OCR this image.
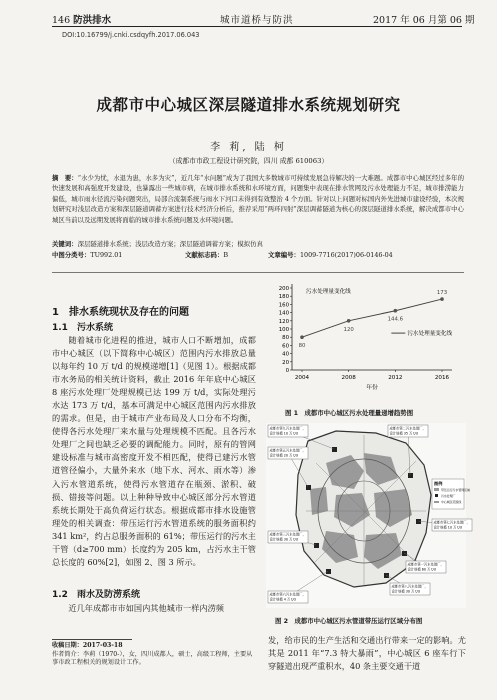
146 防洪排水	城市道桥与防洪	2017 年 06 月第 06 期
DOI:10.16799/j.cnki.csdqyfh.2017.06.043
成都市中心城区深层隧道排水系统规划研究
李 莉, 陆 柯
（成都市市政工程设计研究院，四川 成都 610063）
摘　要：“水少为忧，水退为患，水多为灾”，近几年“水问题”成为了我国大多数城市可持续发展急待解决的一大难题。成都市中心城区经过多年的快速发展和高强度开发建设，也暴露出一些城市病，在城市排水系统和水环境方面，问题集中表现在排水管网及污水处理能力不足，城市排涝能力偏低，城市雨水径流污染问题突出，局部合流制系统与雨水下河口未得到有效整治 4 个方面。针对以上问题对标国内外先进城市建设经验，本次规划研究对浅层改造方案和深层隧道调蓄方案进行技术经济分析后，推荐采用“两环四射”深层调蓄隧道为核心的深层隧道排水系统，解决成都市中心城区当前以及远期发展将面临的城市排水系统问题及水环境问题。
关键词：深层隧道排水系统；浅层改造方案；深层隧道调蓄方案；模拟仿真
中图分类号：TU992.01	文献标志码：B	文章编号：1009-7716(2017)06-0146-04
1　排水系统现状及存在的问题
1.1　污水系统

随着城市化进程的推进，城市人口不断增加，成都市中心城区（以下简称中心城区）范围内污水排放总量以每年约 10 万 t/d 的规模递增[1]（见图 1）。根据成都市水务局的相关统计资料，截止 2016 年年底中心城区 8 座污水处理厂处理规模已达 199 万 t/d，实际处理污水达 173 万 t/d，基本可满足中心城区范围内污水排放的需求。但是，由于城市产业布局及人口分布不均衡，使得各污水处理厂来水量与处理规模不匹配。且各污水处理厂之间也缺乏必要的调配能力。同时，原有的管网建设标准与城市高密度开发不相匹配，使得已建污水管道管径偏小，大量外来水（地下水、河水、雨水等）渗入污水管道系统，使得污水管道存在瓶颈、淤积、破损、错接等问题。以上种种导致中心城区部分污水管道系统长期处于高负荷运行状态。根据成都市排水设施管理处的相关调查：带压运行污水管道系统的服务面积约 341 km²，约占总服务面积的 61%；带压运行的污水主干管（d≥700 mm）长度约为 205 km，占污水主干管总长度的 60%[2]，如图 2、图 3 所示。

1.2　雨水及防涝系统

近几年成都市市如国内其他城市一样内涝频

收稿日期：2017-03-18
作者简介：李莉（1970-），女，四川成都人，硕士，高级工程师，主要从事市政工程相关的规划设计工作。
200
180
160
140
120
100
80
60
40
20
0
2004	2008	2012	2016
年份
80
120
144.6
173
污水处理量变化线
污水处理量变化线
图 1　成都市中心城区污水处理量递增趋势图
成都市第九污水处理厂，
设计规模 10 万 t/d
成都市第五污水处理厂，
设计规模 20 万 t/d
成都市第二污水处理厂，
设计规模 35 万 t/d
成都市第七污水处理厂，
设计规模 10 万 t/d
成都市第三污水处理厂，
设计规模 30 万 t/d
成都市第八污水处理厂，
设计规模 30 万 t/d
成都市第一污水处理厂，
设计规模 60 万 t/d
成都市第六污水处理厂，
设计规模 4 万 t/d
图例
带压运行污水管网区域
污水处理厂
中心城区范围线
图 2　成都市中心城区污水管道带压运行区域分布图
发，给市民的生产生活和交通出行带来一定的影响。尤其是 2011 年“7.3 特大暴雨”，中心城区 6 座车行下穿隧道出现严重积水，40 条主要交通干道
